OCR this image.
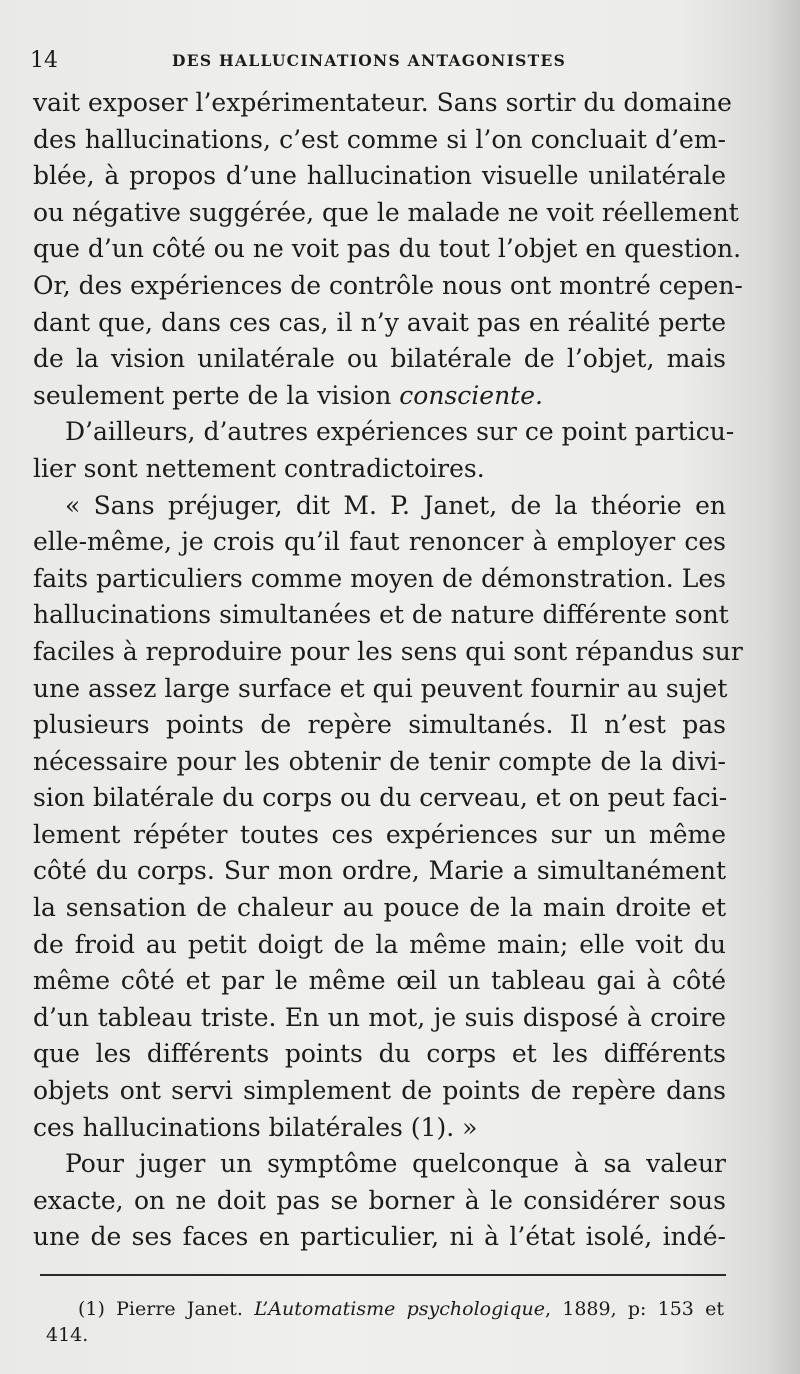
14	DES HALLUCINATIONS ANTAGONISTES
vait exposer l’expérimentateur. Sans sortir du domaine
des hallucinations, c’est comme si l’on concluait d’em-
blée, à propos d’une hallucination visuelle unilatérale
ou négative suggérée, que le malade ne voit réellement
que d’un côté ou ne voit pas du tout l’objet en question.
Or, des expériences de contrôle nous ont montré cepen-
dant que, dans ces cas, il n’y avait pas en réalité perte
de la vision unilatérale ou bilatérale de l’objet, mais
seulement perte de la vision consciente.
D’ailleurs, d’autres expériences sur ce point particu-
lier sont nettement contradictoires.
« Sans préjuger, dit M. P. Janet, de la théorie en
elle-même, je crois qu’il faut renoncer à employer ces
faits particuliers comme moyen de démonstration. Les
hallucinations simultanées et de nature différente sont
faciles à reproduire pour les sens qui sont répandus sur
une assez large surface et qui peuvent fournir au sujet
plusieurs points de repère simultanés. Il n’est pas
nécessaire pour les obtenir de tenir compte de la divi-
sion bilatérale du corps ou du cerveau, et on peut faci-
lement répéter toutes ces expériences sur un même
côté du corps. Sur mon ordre, Marie a simultanément
la sensation de chaleur au pouce de la main droite et
de froid au petit doigt de la même main; elle voit du
même côté et par le même œil un tableau gai à côté
d’un tableau triste. En un mot, je suis disposé à croire
que les différents points du corps et les différents
objets ont servi simplement de points de repère dans
ces hallucinations bilatérales (1). »
Pour juger un symptôme quelconque à sa valeur
exacte, on ne doit pas se borner à le considérer sous
une de ses faces en particulier, ni à l’état isolé, indé-
(1) Pierre Janet. L’Automatisme psychologique, 1889, p: 153 et
414.
